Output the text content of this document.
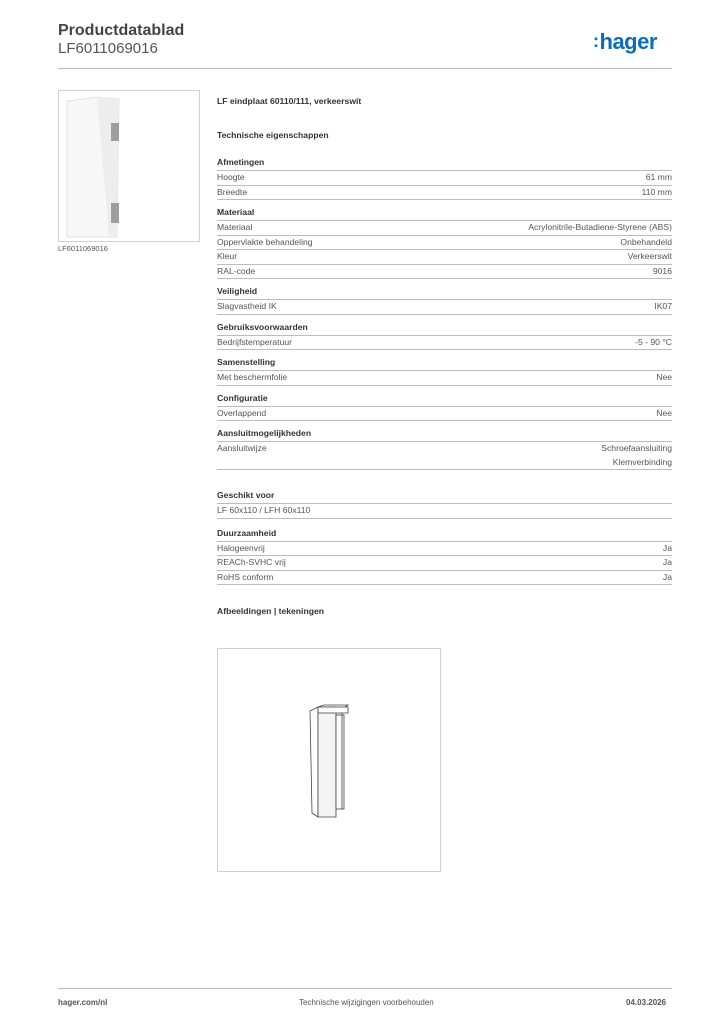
Productdatablad
LF6011069016	:hager
LF6011069016
LF eindplaat 60110/111, verkeerswit
Technische eigenschappen
Afmetingen
Hoogte	61 mm
Breedte	110 mm
Materiaal
Materiaal	Acrylonitrile-Butadiene-Styrene (ABS)
Oppervlakte behandeling	Onbehandeld
Kleur	Verkeerswit
RAL-code	9016
Veiligheid
Slagvastheid IK	IK07
Gebruiksvoorwaarden
Bedrijfstemperatuur	-5 - 90 °C
Samenstelling
Met beschermfolie	Nee
Configuratie
Overlappend	Nee
Aansluitmogelijkheden
Aansluitwijze	Schroefaansluiting
Klemverbinding
Geschikt voor
LF 60x110 / LFH 60x110
Duurzaamheid
Halogeenvrij	Ja
REACh-SVHC vrij	Ja
RoHS conform	Ja
Afbeeldingen | tekeningen
hager.com/nl	Technische wijzigingen voorbehouden	04.03.2026
